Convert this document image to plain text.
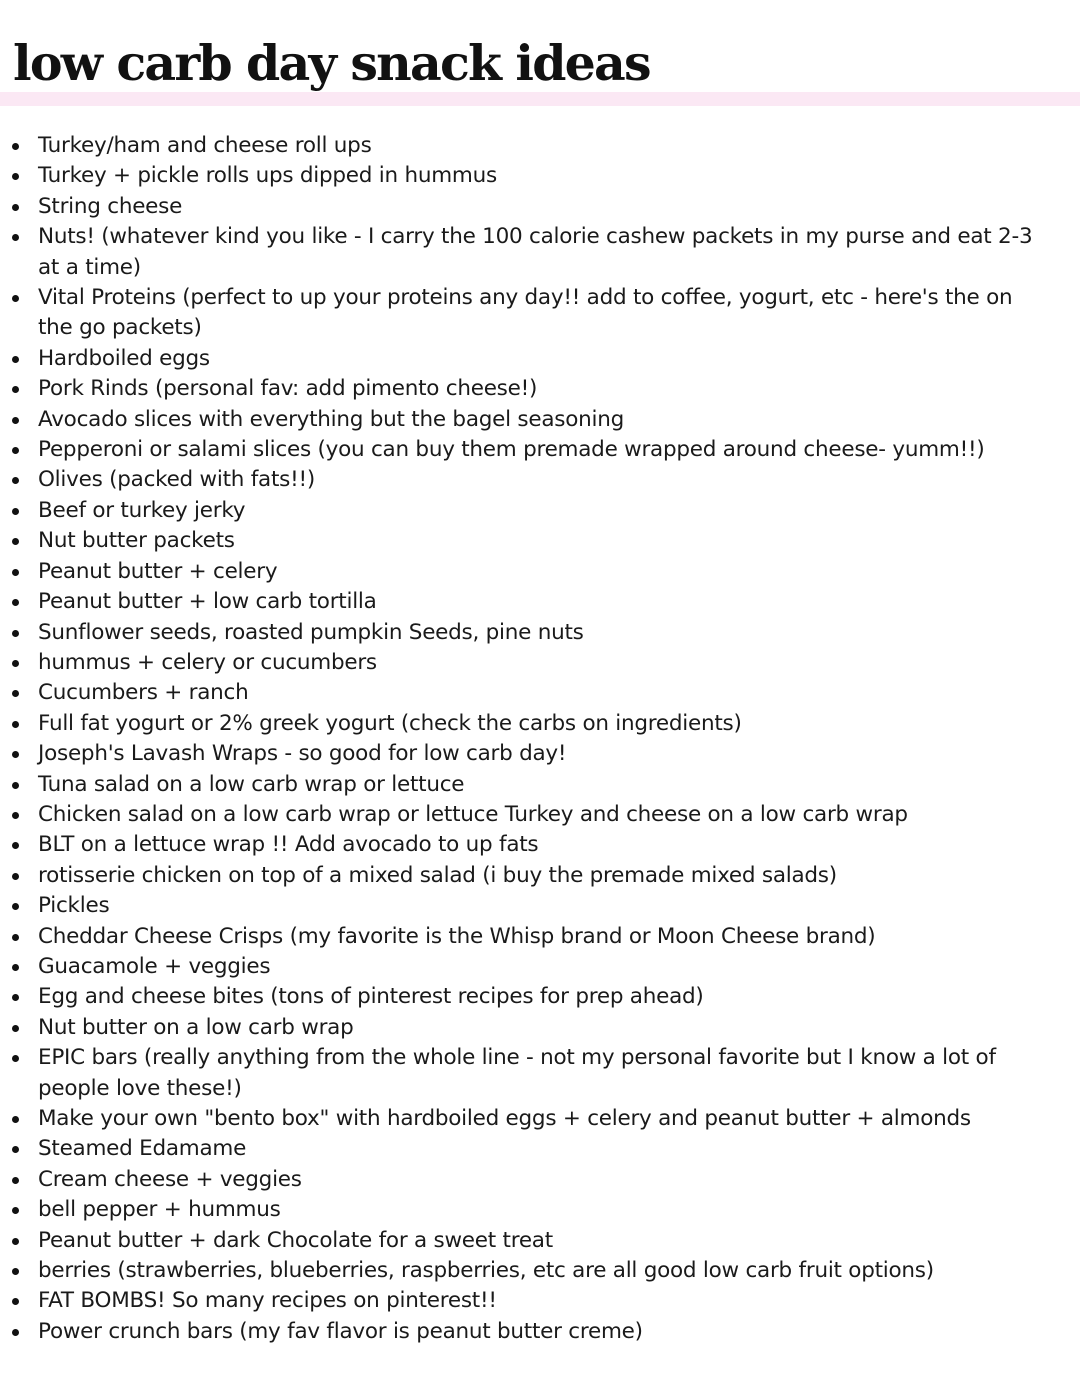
low carb day snack ideas
Turkey/ham and cheese roll ups
Turkey + pickle rolls ups dipped in hummus
String cheese
Nuts! (whatever kind you like - I carry the 100 calorie cashew packets in my purse and eat 2-3 at a time)
Vital Proteins (perfect to up your proteins any day!! add to coffee, yogurt, etc - here's the on the go packets)
Hardboiled eggs
Pork Rinds (personal fav: add pimento cheese!)
Avocado slices with everything but the bagel seasoning
Pepperoni or salami slices (you can buy them premade wrapped around cheese- yumm!!)
Olives (packed with fats!!)
Beef or turkey jerky
Nut butter packets
Peanut butter + celery
Peanut butter + low carb tortilla
Sunflower seeds, roasted pumpkin Seeds, pine nuts
hummus + celery or cucumbers
Cucumbers + ranch
Full fat yogurt or 2% greek yogurt (check the carbs on ingredients)
Joseph's Lavash Wraps - so good for low carb day!
Tuna salad on a low carb wrap or lettuce
Chicken salad on a low carb wrap or lettuce Turkey and cheese on a low carb wrap
BLT on a lettuce wrap !! Add avocado to up fats
rotisserie chicken on top of a mixed salad (i buy the premade mixed salads)
Pickles
Cheddar Cheese Crisps (my favorite is the Whisp brand or Moon Cheese brand)
Guacamole + veggies
Egg and cheese bites (tons of pinterest recipes for prep ahead)
Nut butter on a low carb wrap
EPIC bars (really anything from the whole line - not my personal favorite but I know a lot of people love these!)
Make your own "bento box" with hardboiled eggs + celery and peanut butter + almonds
Steamed Edamame
Cream cheese + veggies
bell pepper + hummus
Peanut butter + dark Chocolate for a sweet treat
berries (strawberries, blueberries, raspberries, etc are all good low carb fruit options)
FAT BOMBS! So many recipes on pinterest!!
Power crunch bars (my fav flavor is peanut butter creme)
